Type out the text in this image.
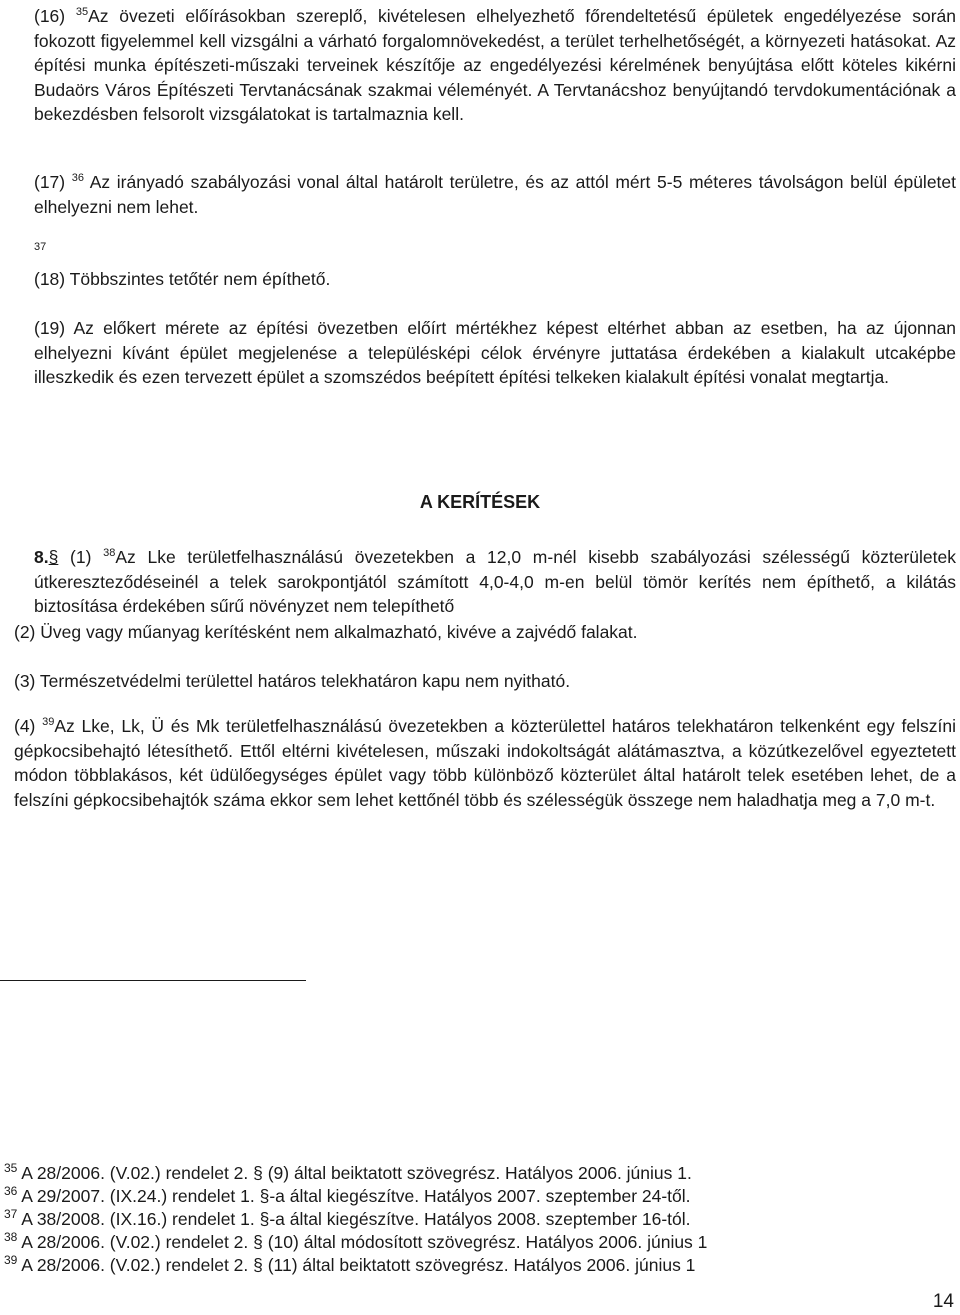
(16) $^{35}$Az övezeti előírásokban szereplő, kivételesen elhelyezhető főrendeltetésű épületek engedélyezése során fokozott figyelemmel kell vizsgálni a várható forgalomnövekedést, a terület terhelhetőségét, a környezeti hatásokat. Az építési munka építészeti-műszaki terveinek készítője az engedélyezési kérelmének benyújtása előtt köteles kikérni Budaörs Város Építészeti Tervtanácsának szakmai véleményét. A Tervtanácshoz benyújtandó tervdokumentációnak a bekezdésben felsorolt vizsgálatokat is tartalmaznia kell.
(17) $^{36}$ Az irányadó szabályozási vonal által határolt területre, és az attól mért 5-5 méteres távolságon belül épületet elhelyezni nem lehet.
37
(18) Többszintes tetőtér nem építhető.
(19) Az előkert mérete az építési övezetben előírt mértékhez képest eltérhet abban az esetben, ha az újonnan elhelyezni kívánt épület megjelenése a településképi célok érvényre juttatása érdekében a kialakult utcaképbe illeszkedik és ezen tervezett épület a szomszédos beépített építési telkeken kialakult építési vonalat megtartja.
A KERÍTÉSEK
8.§ (1) $^{38}$Az Lke területfelhasználású övezetekben a 12,0 m-nél kisebb szabályozási szélességű közterületek útkereszteződéseinél a telek sarokpontjától számított 4,0-4,0 m-en belül tömör kerítés nem építhető, a kilátás biztosítása érdekében sűrű növényzet nem telepíthető
(2) Üveg vagy műanyag kerítésként nem alkalmazható, kivéve a zajvédő falakat.
(3) Természetvédelmi területtel határos telekhatáron kapu nem nyitható.
(4) $^{39}$Az Lke, Lk, Ü és Mk területfelhasználású övezetekben a közterülettel határos telekhatáron telkenként egy felszíni gépkocsibehajtó létesíthető. Ettől eltérni kivételesen, műszaki indokoltságát alátámasztva, a közútkezelővel egyeztetett módon többlakásos, két üdülőegységes épület vagy több különböző közterület által határolt telek esetében lehet, de a felszíni gépkocsibehajtók száma ekkor sem lehet kettőnél több és szélességük összege nem haladhatja meg a 7,0 m-t.
$^{35}$ A 28/2006. (V.02.) rendelet 2. § (9) által beiktatott szövegrész. Hatályos 2006. június 1.
$^{36}$ A 29/2007. (IX.24.) rendelet 1. §-a által kiegészítve. Hatályos 2007. szeptember 24-től.
$^{37}$ A 38/2008. (IX.16.) rendelet 1. §-a által kiegészítve. Hatályos 2008. szeptember 16-tól.
$^{38}$ A 28/2006. (V.02.) rendelet 2. § (10) által módosított szövegrész. Hatályos 2006. június 1
$^{39}$ A 28/2006. (V.02.) rendelet 2. § (11) által beiktatott szövegrész. Hatályos 2006. június 1
14
